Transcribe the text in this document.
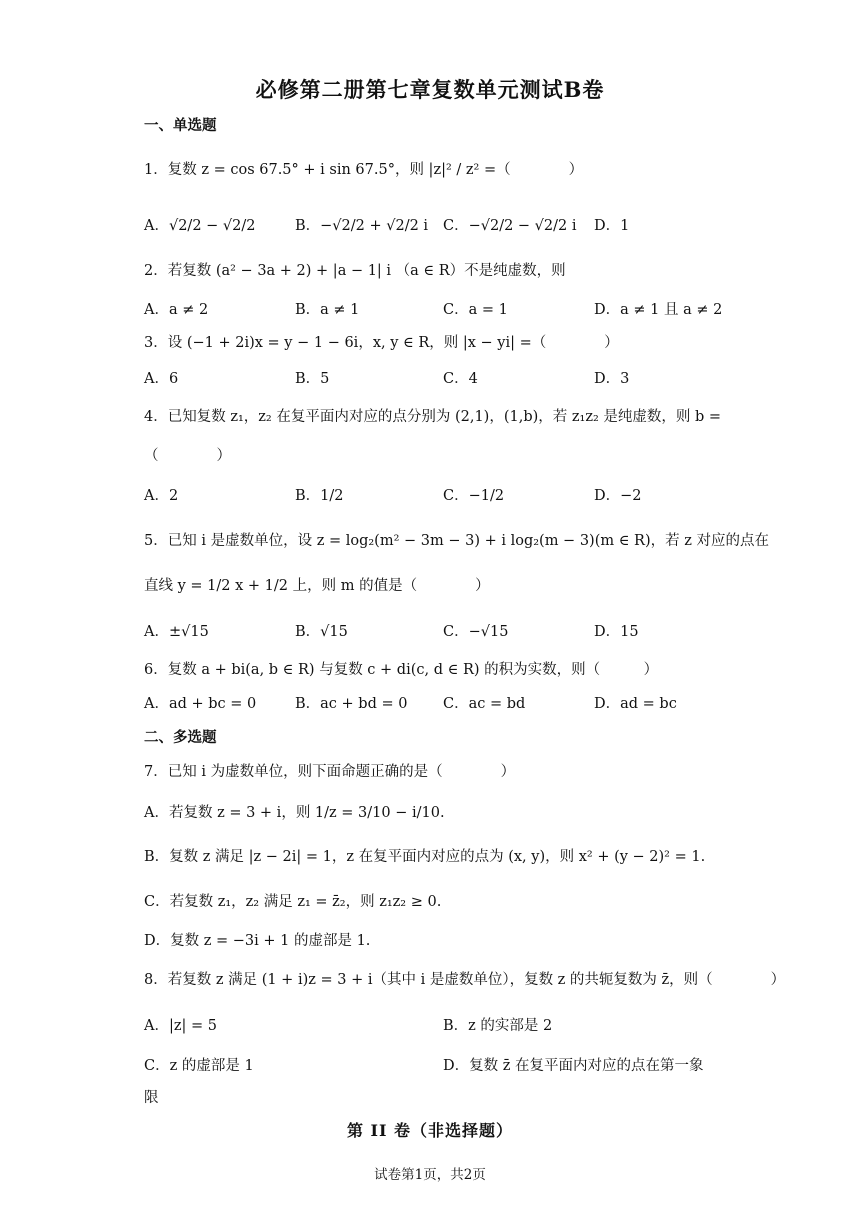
必修第二册第七章复数单元测试B卷
一、单选题
1．复数 z = cos 67.5° + i sin 67.5°，则 |z|² / z² =（　　　　）
A．√2/2 − √2/2	B．−√2/2 + √2/2 i C．−√2/2 − √2/2 i D．1
2．若复数 (a² − 3a + 2) + |a − 1| i （a ∈ R）不是纯虚数，则
A．a ≠ 2	B．a ≠ 1	C．a = 1	D．a ≠ 1 且 a ≠ 2
3．设 (−1 + 2i)x = y − 1 − 6i，x, y ∈ R，则 |x − yi| =（　　　　）
A．6	B．5	C．4	D．3
4．已知复数 z₁，z₂ 在复平面内对应的点分别为 (2,1)，(1,b)，若 z₁z₂ 是纯虚数，则 b =
（　　　　）
A．2	B．1/2	C．−1/2	D．−2
5．已知 i 是虚数单位，设 z = log₂(m² − 3m − 3) + i log₂(m − 3)(m ∈ R)，若 z 对应的点在
直线 y = 1/2 x + 1/2 上，则 m 的值是（　　　　）
A．±√15	B．√15	C．−√15	D．15
6．复数 a + bi(a, b ∈ R) 与复数 c + di(c, d ∈ R) 的积为实数，则（　　　）
A．ad + bc = 0	B．ac + bd = 0 C．ac = bd	D．ad = bc
二、多选题
7．已知 i 为虚数单位，则下面命题正确的是（　　　　）
A．若复数 z = 3 + i，则 1/z = 3/10 − i/10.
B．复数 z 满足 |z − 2i| = 1，z 在复平面内对应的点为 (x, y)，则 x² + (y − 2)² = 1.
C．若复数 z₁，z₂ 满足 z₁ = z̄₂，则 z₁z₂ ≥ 0.
D．复数 z = −3i + 1 的虚部是 1.
8．若复数 z 满足 (1 + i)z = 3 + i（其中 i 是虚数单位），复数 z 的共轭复数为 z̄，则（　　　　）
A．|z| = 5	B．z 的实部是 2
C．z 的虚部是 1	D．复数 z̄ 在复平面内对应的点在第一象
限
第 II 卷（非选择题）
试卷第1页，共2页
